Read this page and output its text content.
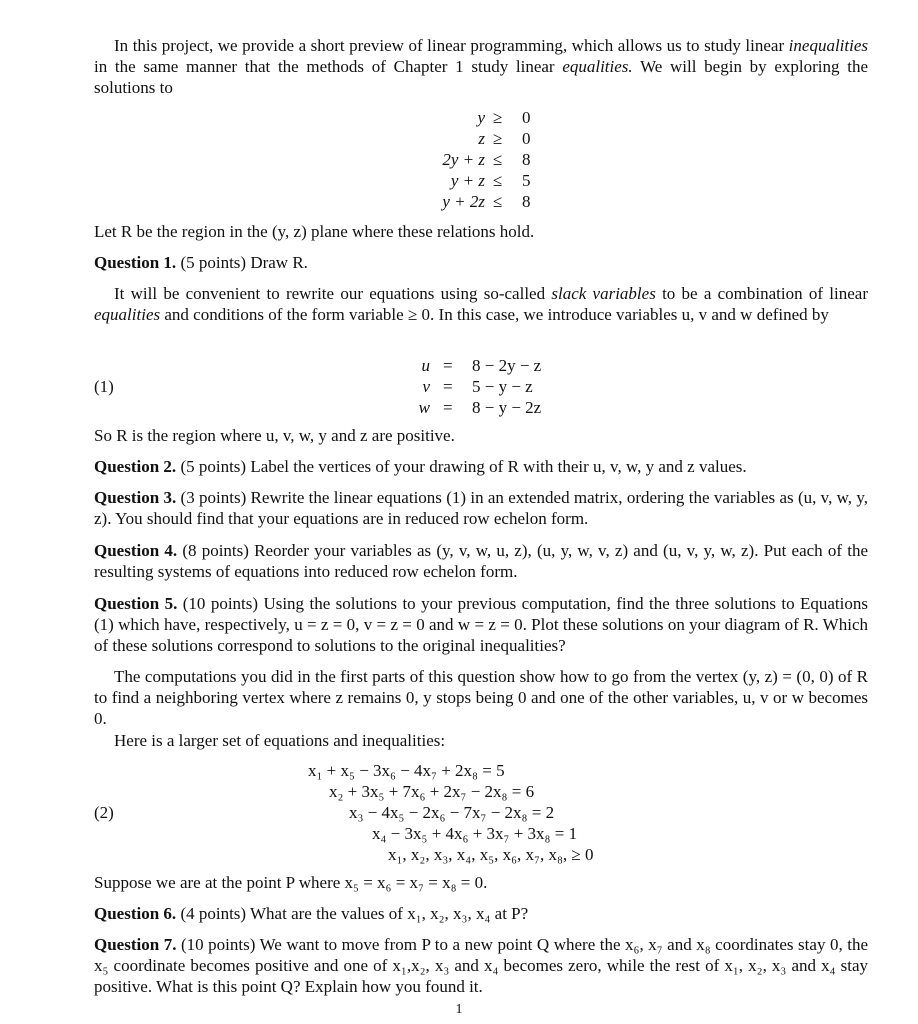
In this project, we provide a short preview of linear programming, which allows us to study linear inequalities in the same manner that the methods of Chapter 1 study linear equalities. We will begin by exploring the solutions to

y ≥ 0
z ≥ 0
2y + z ≤ 8
y + z ≤ 5
y + 2z ≤ 8

Let R be the region in the (y, z) plane where these relations hold.

Question 1. (5 points) Draw R.

It will be convenient to rewrite our equations using so-called slack variables to be a combination of linear equalities and conditions of the form variable ≥ 0. In this case, we introduce variables u, v and w defined by

(1)
u = 8 − 2y − z
v = 5 − y − z
w = 8 − y − 2z

So R is the region where u, v, w, y and z are positive.

Question 2. (5 points) Label the vertices of your drawing of R with their u, v, w, y and z values.

Question 3. (3 points) Rewrite the linear equations (1) in an extended matrix, ordering the variables as (u, v, w, y, z). You should find that your equations are in reduced row echelon form.

Question 4. (8 points) Reorder your variables as (y, v, w, u, z), (u, y, w, v, z) and (u, v, y, w, z). Put each of the resulting systems of equations into reduced row echelon form.

Question 5. (10 points) Using the solutions to your previous computation, find the three solutions to Equations (1) which have, respectively, u = z = 0, v = z = 0 and w = z = 0. Plot these solutions on your diagram of R. Which of these solutions correspond to solutions to the original inequalities?

The computations you did in the first parts of this question show how to go from the vertex (y, z) = (0, 0) of R to find a neighboring vertex where z remains 0, y stops being 0 and one of the other variables, u, v or w becomes 0.

Here is a larger set of equations and inequalities:

(2)
x₁ + x₅ − 3x₆ − 4x₇ + 2x₈ = 5
x₂ + 3x₅ + 7x₆ + 2x₇ − 2x₈ = 6
x₃ − 4x₅ − 2x₆ − 7x₇ − 2x₈ = 2
x₄ − 3x₅ + 4x₆ + 3x₇ + 3x₈ = 1
x₁, x₂, x₃, x₄, x₅, x₆, x₇, x₈, ≥ 0

Suppose we are at the point P where x₅ = x₆ = x₇ = x₈ = 0.

Question 6. (4 points) What are the values of x₁, x₂, x₃, x₄ at P?

Question 7. (10 points) We want to move from P to a new point Q where the x₆, x₇ and x₈ coordinates stay 0, the x₅ coordinate becomes positive and one of x₁,x₂, x₃ and x₄ becomes zero, while the rest of x₁, x₂, x₃ and x₄ stay positive. What is this point Q? Explain how you found it.

1
